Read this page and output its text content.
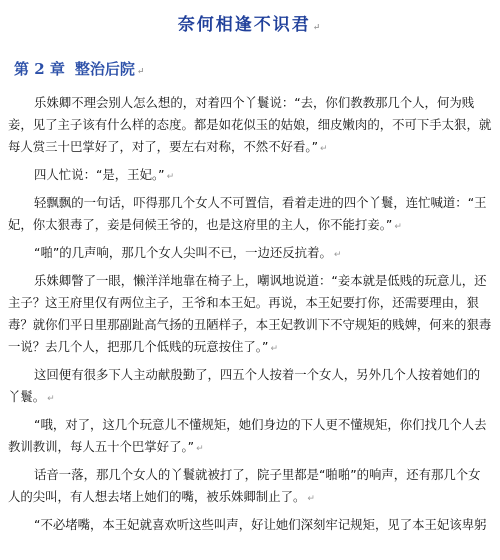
奈何相逢不识君 ↵
第 2 章 整治后院 ↵

乐姝卿不理会别人怎么想的，对着四个丫鬟说：“去，你们教教那几个人，何为贱妾，见了主子该有什么样的态度。都是如花似玉的姑娘，细皮嫩肉的，不可下手太狠，就每人赏三十巴掌好了，对了，要左右对称，不然不好看。” ↵

四人忙说：“是，王妃。” ↵

轻飘飘的一句话，吓得那几个女人不可置信，看着走进的四个丫鬟，连忙喊道：“王妃，你太狠毒了，妾是伺候王爷的，也是这府里的主人，你不能打妾。” ↵

“啪”的几声响，那几个女人尖叫不已，一边还反抗着。 ↵

乐姝卿瞥了一眼，懒洋洋地靠在椅子上，嘲讽地说道：“妾本就是低贱的玩意儿，还主子？这王府里仅有两位主子，王爷和本王妃。再说，本王妃要打你，还需要理由，狠毒？就你们平日里那副趾高气扬的丑陋样子，本王妃教训下不守规矩的贱婢，何来的狠毒一说？去几个人，把那几个低贱的玩意按住了。” ↵

这回便有很多下人主动献殷勤了，四五个人按着一个女人，另外几个人按着她们的丫鬟。 ↵

“哦，对了，这几个玩意儿不懂规矩，她们身边的下人更不懂规矩，你们找几个人去教训教训，每人五十个巴掌好了。” ↵

话音一落，那几个女人的丫鬟就被打了，院子里都是“啪啪”的响声，还有那几个女人的尖叫，有人想去堵上她们的嘴，被乐姝卿制止了。 ↵

“不必堵嘴，本王妃就喜欢听这些叫声，好让她们深刻牢记规矩，见了本王妃该卑躬
